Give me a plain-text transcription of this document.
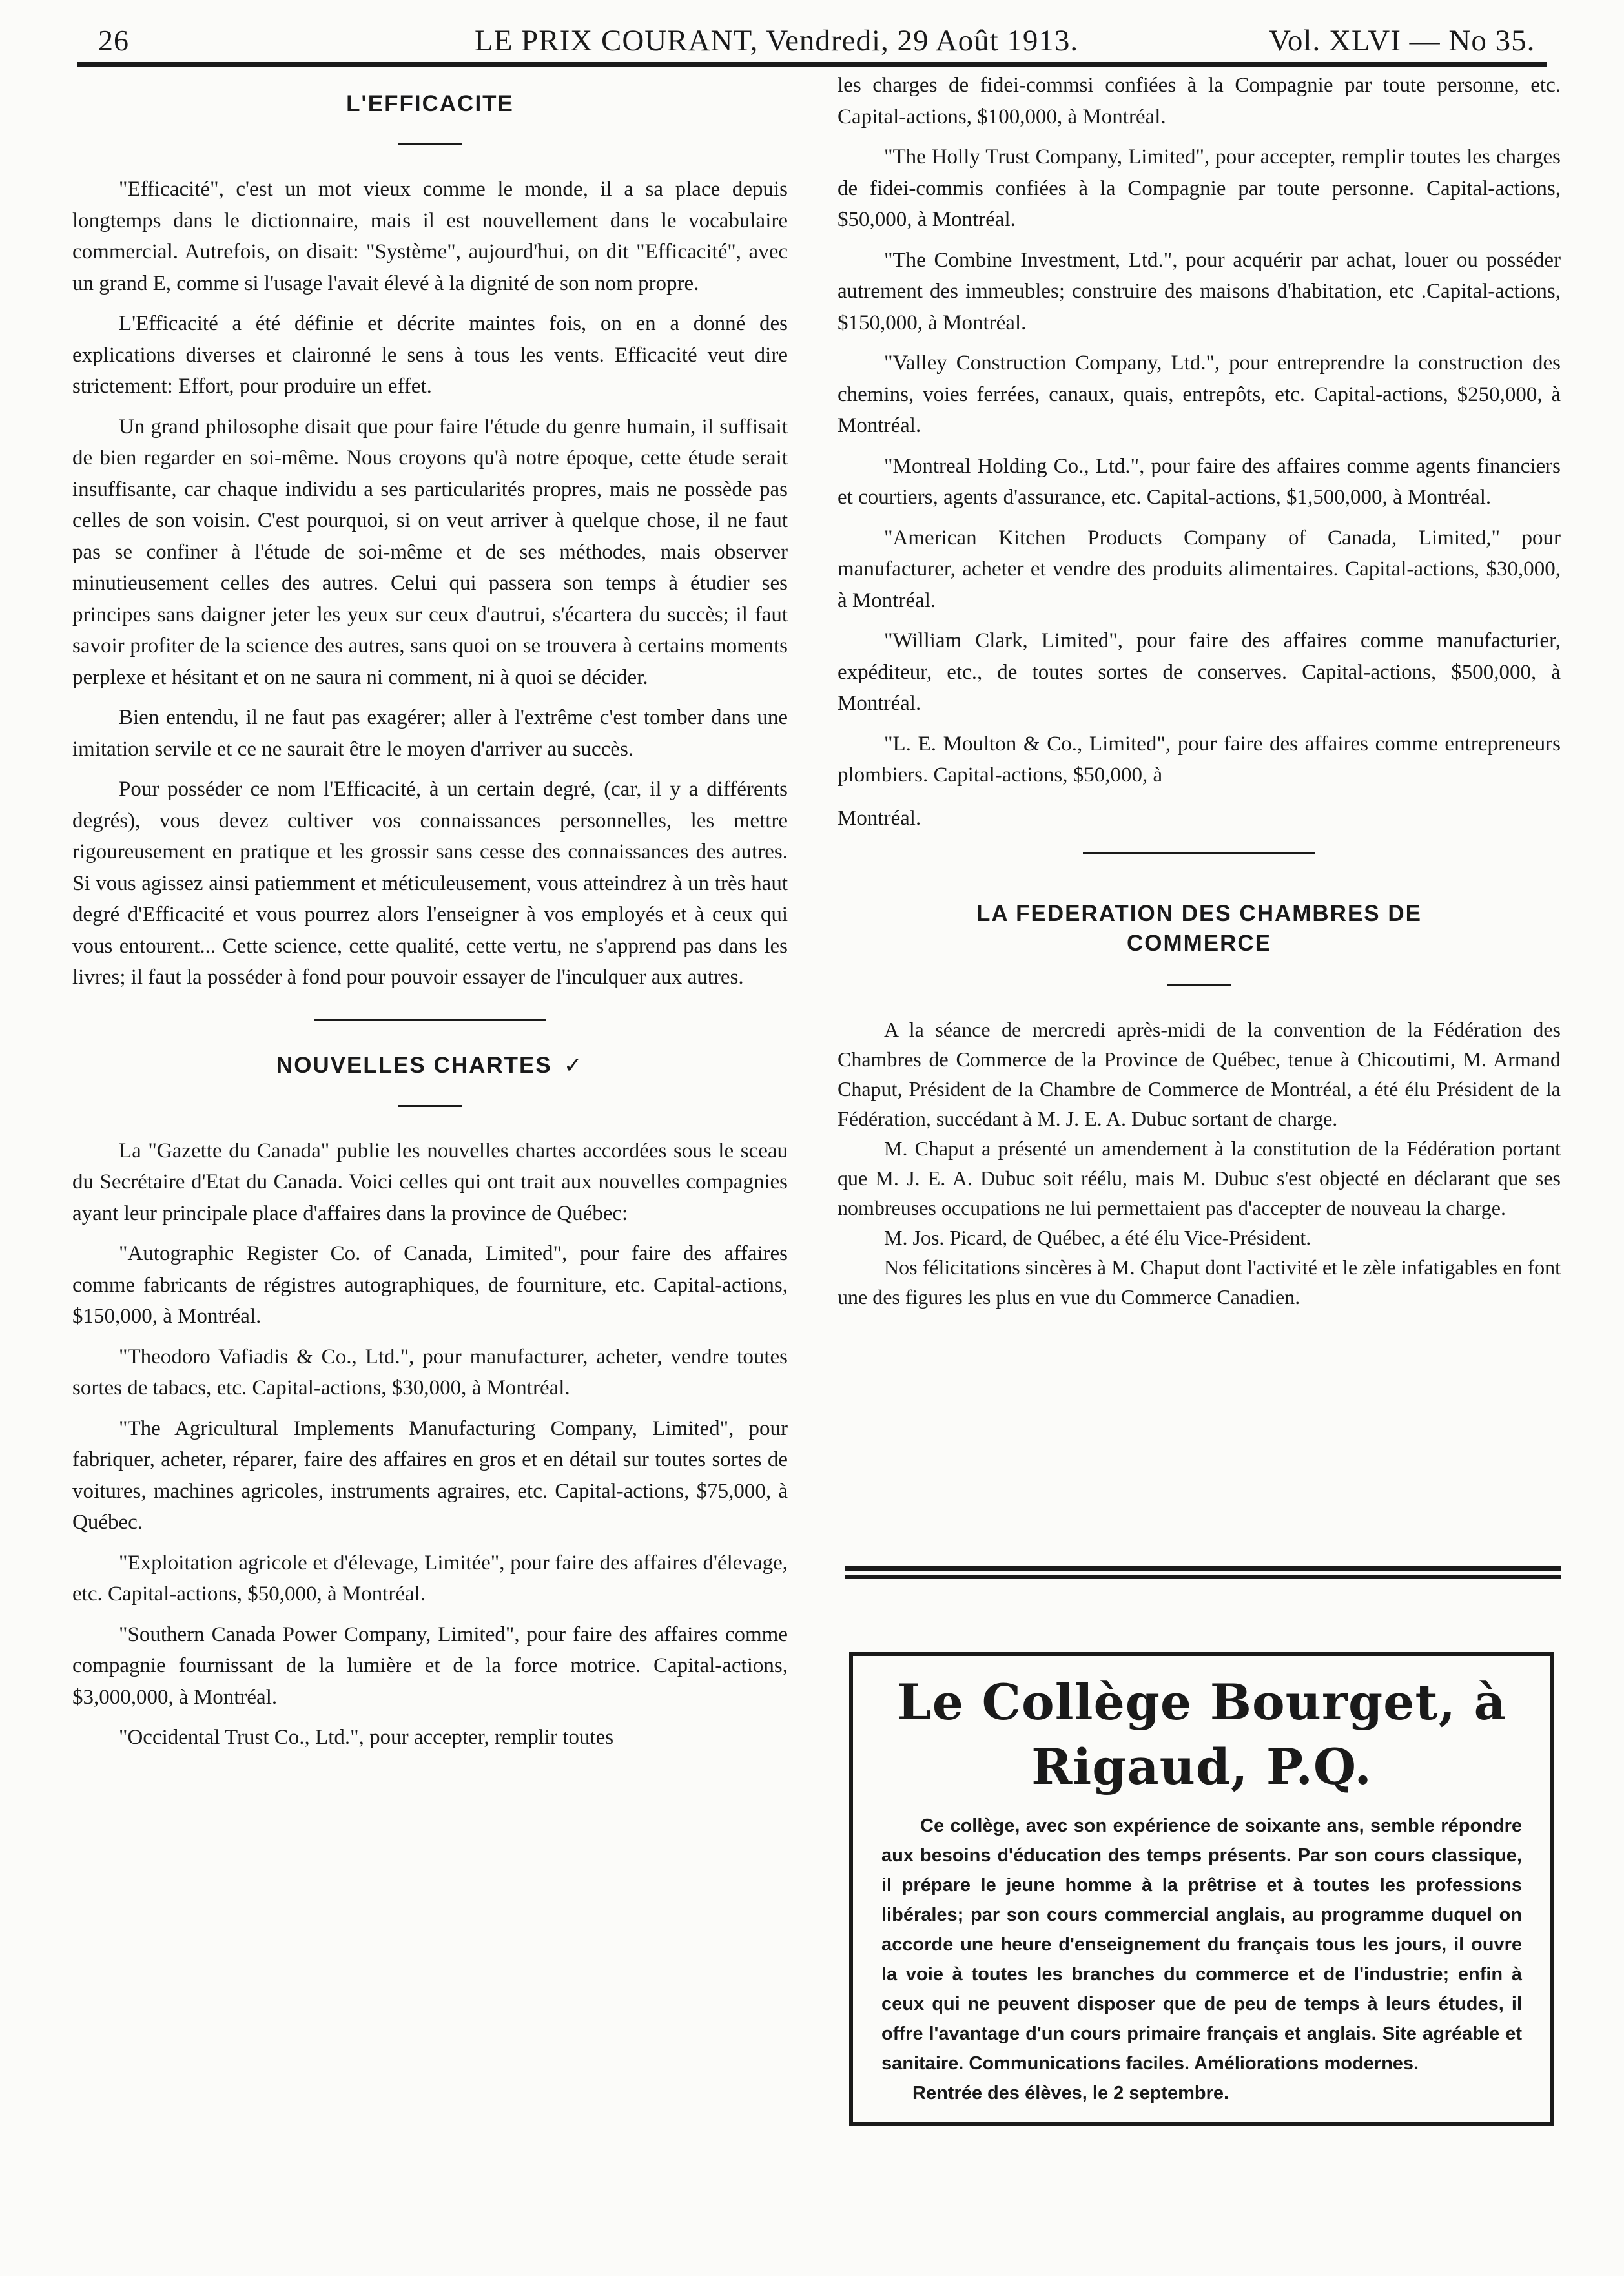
26	LE PRIX COURANT, Vendredi, 29 Août 1913.	Vol. XLVI — No 35.
L'EFFICACITE

"Efficacité", c'est un mot vieux comme le monde, il a sa place depuis longtemps dans le dictionnaire, mais il est nouvellement dans le vocabulaire commercial. Autrefois, on disait: "Système", aujourd'hui, on dit "Efficacité", avec un grand E, comme si l'usage l'avait élevé à la dignité de son nom propre.

L'Efficacité a été définie et décrite maintes fois, on en a donné des explications diverses et claironné le sens à tous les vents. Efficacité veut dire strictement: Effort, pour produire un effet.

Un grand philosophe disait que pour faire l'étude du genre humain, il suffisait de bien regarder en soi-même. Nous croyons qu'à notre époque, cette étude serait insuffisante, car chaque individu a ses particularités propres, mais ne possède pas celles de son voisin. C'est pourquoi, si on veut arriver à quelque chose, il ne faut pas se confiner à l'étude de soi-même et de ses méthodes, mais observer minutieusement celles des autres. Celui qui passera son temps à étudier ses principes sans daigner jeter les yeux sur ceux d'autrui, s'écartera du succès; il faut savoir profiter de la science des autres, sans quoi on se trouvera à certains moments perplexe et hésitant et on ne saura ni comment, ni à quoi se décider.

Bien entendu, il ne faut pas exagérer; aller à l'extrême c'est tomber dans une imitation servile et ce ne saurait être le moyen d'arriver au succès.

Pour posséder ce nom l'Efficacité, à un certain degré, (car, il y a différents degrés), vous devez cultiver vos connaissances personnelles, les mettre rigoureusement en pratique et les grossir sans cesse des connaissances des autres. Si vous agissez ainsi patiemment et méticuleusement, vous atteindrez à un très haut degré d'Efficacité et vous pourrez alors l'enseigner à vos employés et à ceux qui vous entourent... Cette science, cette qualité, cette vertu, ne s'apprend pas dans les livres; il faut la posséder à fond pour pouvoir essayer de l'inculquer aux autres.

NOUVELLES CHARTES ✓

La "Gazette du Canada" publie les nouvelles chartes accordées sous le sceau du Secrétaire d'Etat du Canada. Voici celles qui ont trait aux nouvelles compagnies ayant leur principale place d'affaires dans la province de Québec:

"Autographic Register Co. of Canada, Limited", pour faire des affaires comme fabricants de régistres autographiques, de fourniture, etc. Capital-actions, $150,000, à Montréal.

"Theodoro Vafiadis & Co., Ltd.", pour manufacturer, acheter, vendre toutes sortes de tabacs, etc. Capital-actions, $30,000, à Montréal.

"The Agricultural Implements Manufacturing Company, Limited", pour fabriquer, acheter, réparer, faire des affaires en gros et en détail sur toutes sortes de voitures, machines agricoles, instruments agraires, etc. Capital-actions, $75,000, à Québec.

"Exploitation agricole et d'élevage, Limitée", pour faire des affaires d'élevage, etc. Capital-actions, $50,000, à Montréal.

"Southern Canada Power Company, Limited", pour faire des affaires comme compagnie fournissant de la lumière et de la force motrice. Capital-actions, $3,000,000, à Montréal.

"Occidental Trust Co., Ltd.", pour accepter, remplir toutes

les charges de fidei-commsi confiées à la Compagnie par toute personne, etc. Capital-actions, $100,000, à Montréal.

"The Holly Trust Company, Limited", pour accepter, remplir toutes les charges de fidei-commis confiées à la Compagnie par toute personne. Capital-actions, $50,000, à Montréal.

"The Combine Investment, Ltd.", pour acquérir par achat, louer ou posséder autrement des immeubles; construire des maisons d'habitation, etc .Capital-actions, $150,000, à Montréal.

"Valley Construction Company, Ltd.", pour entreprendre la construction des chemins, voies ferrées, canaux, quais, entrepôts, etc. Capital-actions, $250,000, à Montréal.

"Montreal Holding Co., Ltd.", pour faire des affaires comme agents financiers et courtiers, agents d'assurance, etc. Capital-actions, $1,500,000, à Montréal.

"American Kitchen Products Company of Canada, Limited," pour manufacturer, acheter et vendre des produits alimentaires. Capital-actions, $30,000, à Montréal.

"William Clark, Limited", pour faire des affaires comme manufacturier, expéditeur, etc., de toutes sortes de conserves. Capital-actions, $500,000, à Montréal.

"L. E. Moulton & Co., Limited", pour faire des affaires comme entrepreneurs plombiers. Capital-actions, $50,000, à

Montréal.

LA FEDERATION DES CHAMBRES DE
COMMERCE

A la séance de mercredi après-midi de la convention de la Fédération des Chambres de Commerce de la Province de Québec, tenue à Chicoutimi, M. Armand Chaput, Président de la Chambre de Commerce de Montréal, a été élu Président de la Fédération, succédant à M. J. E. A. Dubuc sortant de charge.

M. Chaput a présenté un amendement à la constitution de la Fédération portant que M. J. E. A. Dubuc soit réélu, mais M. Dubuc s'est objecté en déclarant que ses nombreuses occupations ne lui permettaient pas d'accepter de nouveau la charge.

M. Jos. Picard, de Québec, a été élu Vice-Président.

Nos félicitations sincères à M. Chaput dont l'activité et le zèle infatigables en font une des figures les plus en vue du Commerce Canadien.

Le Collège Bourget, à Rigaud, P.Q.

Ce collège, avec son expérience de soixante ans, semble répondre aux besoins d'éducation des temps présents. Par son cours classique, il prépare le jeune homme à la prêtrise et à toutes les professions libérales; par son cours commercial anglais, au programme duquel on accorde une heure d'enseignement du français tous les jours, il ouvre la voie à toutes les branches du commerce et de l'industrie; enfin à ceux qui ne peuvent disposer que de peu de temps à leurs études, il offre l'avantage d'un cours primaire français et anglais. Site agréable et sanitaire. Communications faciles. Améliorations modernes.

Rentrée des élèves, le 2 septembre.
